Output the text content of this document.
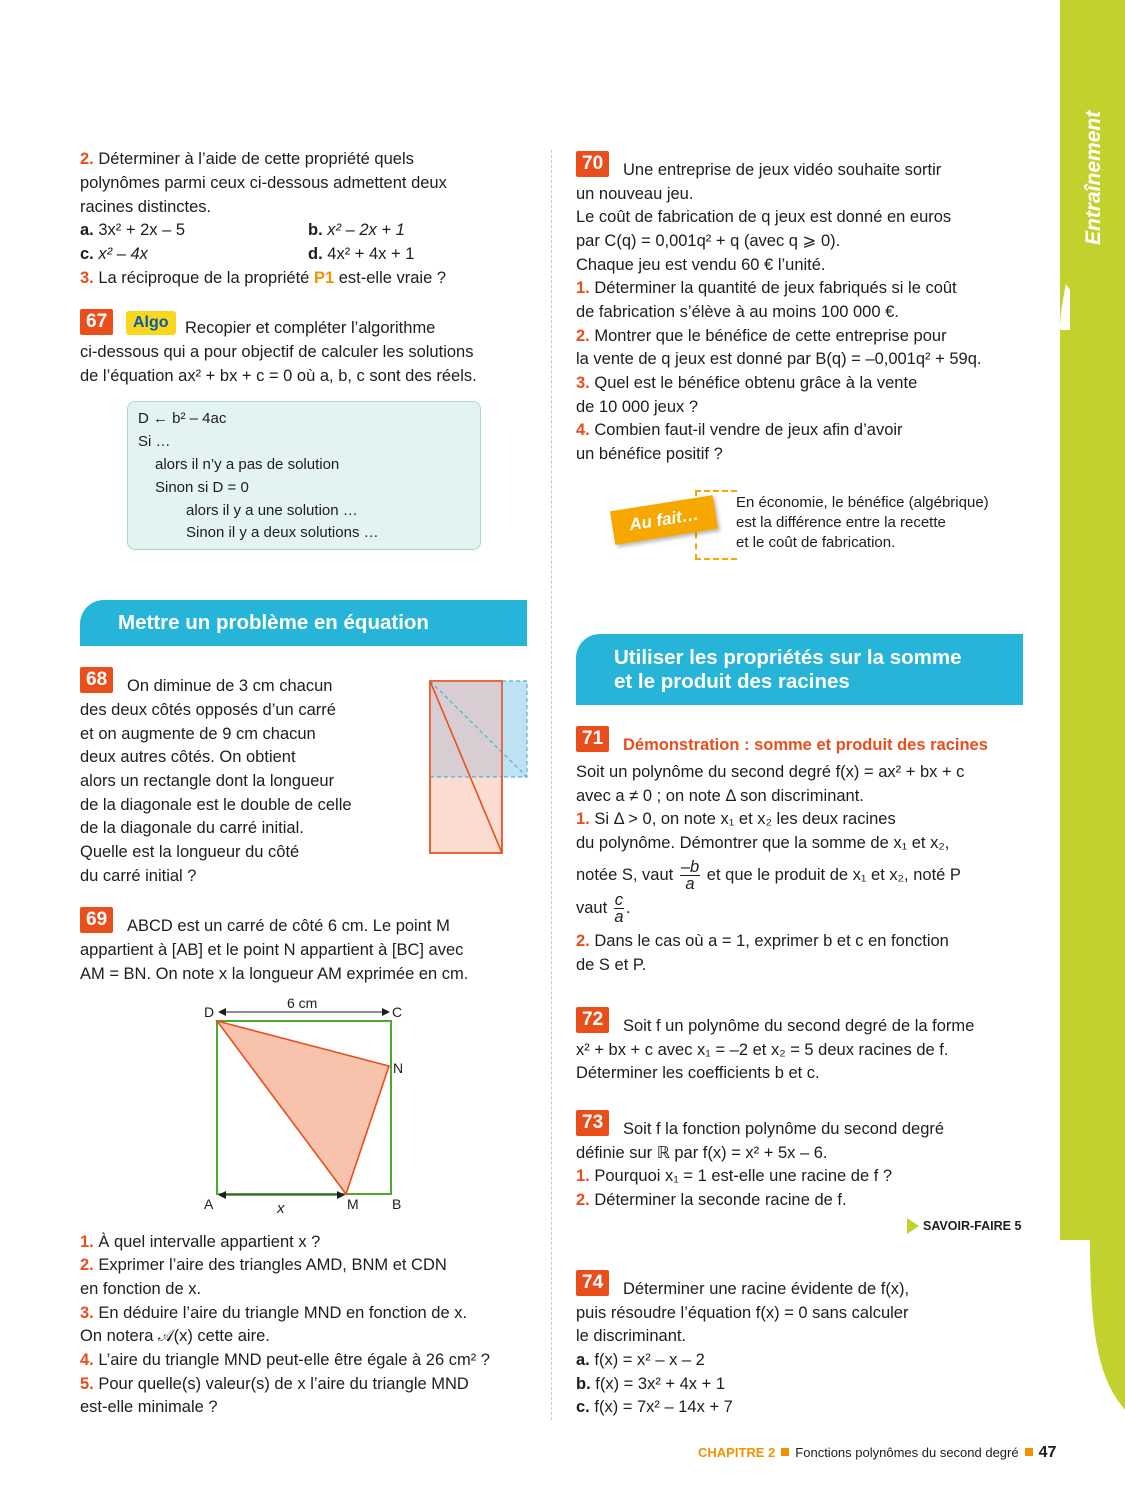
Entraînement
2. Déterminer à l’aide de cette propriété quels
polynômes parmi ceux ci-dessous admettent deux
racines distinctes.
a. 3x² + 2x – 5	b. x² – 2x + 1
c. x² – 4x	d. 4x² + 4x + 1
3. La réciproque de la propriété P1 est-elle vraie ?
67	Algo Recopier et compléter l’algorithme
ci-dessous qui a pour objectif de calculer les solutions
de l’équation ax² + bx + c = 0 où a, b, c sont des réels.
D ← b² – 4ac
Si …
alors il n’y a pas de solution
Sinon si D = 0
alors il y a une solution …
Sinon il y a deux solutions …
Mettre un problème en équation
68	On diminue de 3 cm chacun
des deux côtés opposés d’un carré
et on augmente de 9 cm chacun
deux autres côtés. On obtient
alors un rectangle dont la longueur
de la diagonale est le double de celle
de la diagonale du carré initial.
Quelle est la longueur du côté
du carré initial ?
69	ABCD est un carré de côté 6 cm. Le point M
appartient à [AB] et le point N appartient à [BC] avec
AM = BN. On note x la longueur AM exprimée en cm.
6 cm
D	C
N
A	M B
x
1. À quel intervalle appartient x ?
2. Exprimer l’aire des triangles AMD, BNM et CDN
en fonction de x.
3. En déduire l’aire du triangle MND en fonction de x.
On notera 𝒜(x) cette aire.
4. L’aire du triangle MND peut-elle être égale à 26 cm² ?
5. Pour quelle(s) valeur(s) de x l’aire du triangle MND
est-elle minimale ?
70	Une entreprise de jeux vidéo souhaite sortir
un nouveau jeu.
Le coût de fabrication de q jeux est donné en euros
par C(q) = 0,001q² + q (avec q ⩾ 0).
Chaque jeu est vendu 60 € l’unité.
1. Déterminer la quantité de jeux fabriqués si le coût
de fabrication s’élève à au moins 100 000 €.
2. Montrer que le bénéfice de cette entreprise pour
la vente de q jeux est donné par B(q) = –0,001q² + 59q.
3. Quel est le bénéfice obtenu grâce à la vente
de 10 000 jeux ?
4. Combien faut-il vendre de jeux afin d’avoir
un bénéfice positif ?
Au fait…
En économie, le bénéfice (algébrique)
est la différence entre la recette
et le coût de fabrication.
Utiliser les propriétés sur la somme
et le produit des racines
71	Démonstration : somme et produit des racines
Soit un polynôme du second degré f(x) = ax² + bx + c
avec a ≠ 0 ; on note Δ son discriminant.
1. Si Δ > 0, on note x₁ et x₂ les deux racines
du polynôme. Démontrer que la somme de x₁ et x₂,
notée S, vaut $\frac{-b}{a}$ et que le produit de x₁ et x₂, noté P
vaut $\frac{c}{a}$ .
2. Dans le cas où a = 1, exprimer b et c en fonction
de S et P.
72	Soit f un polynôme du second degré de la forme
x² + bx + c avec x₁ = –2 et x₂ = 5 deux racines de f.
Déterminer les coefficients b et c.
73	Soit f la fonction polynôme du second degré
définie sur ℝ par f(x) = x² + 5x – 6.
1. Pourquoi x₁ = 1 est-elle une racine de f ?
2. Déterminer la seconde racine de f.
SAVOIR-FAIRE 5
74	Déterminer une racine évidente de f(x),
puis résoudre l’équation f(x) = 0 sans calculer
le discriminant.
a. f(x) = x² – x – 2
b. f(x) = 3x² + 4x + 1
c. f(x) = 7x² – 14x + 7
CHAPITRE 2 Fonctions polynômes du second degré 47
